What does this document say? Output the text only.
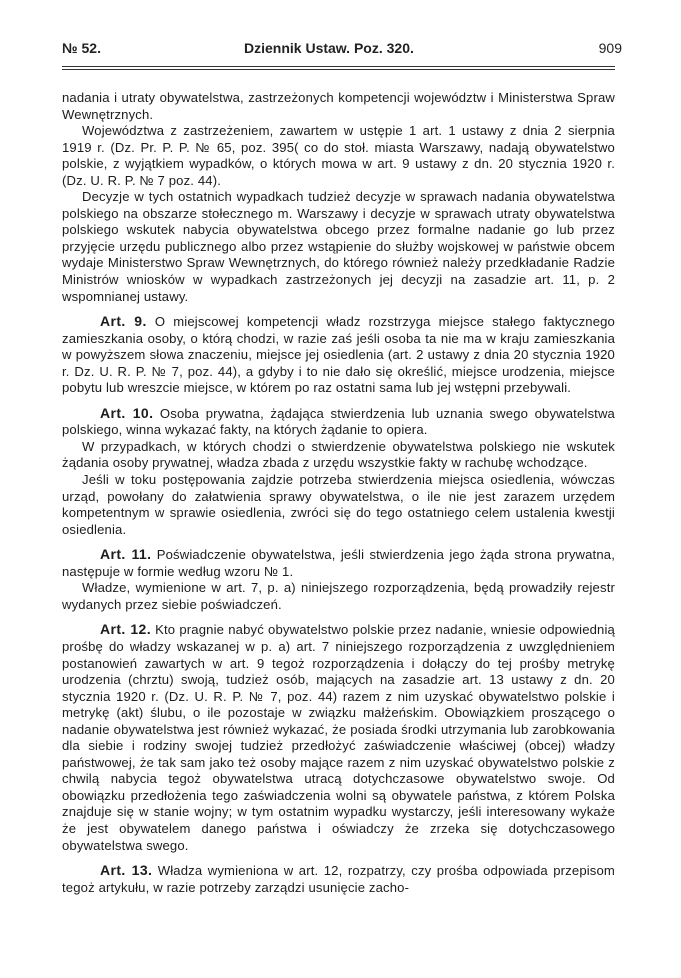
№ 52.	Dziennik Ustaw. Poz. 320.	909

nadania i utraty obywatelstwa, zastrzeżonych kompetencji województw i Ministerstwa Spraw Wewnętrznych.

Województwa z zastrzeżeniem, zawartem w ustępie 1 art. 1 ustawy z dnia 2 sierpnia 1919 r. (Dz. Pr. P. P. № 65, poz. 395( co do stoł. miasta Warszawy, nadają obywatelstwo polskie, z wyjątkiem wypadków, o których mowa w art. 9 ustawy z dn. 20 stycznia 1920 r. (Dz. U. R. P. № 7 poz. 44).

Decyzje w tych ostatnich wypadkach tudzież decyzje w sprawach nadania obywatelstwa polskiego na obszarze stołecznego m. Warszawy i decyzje w sprawach utraty obywatelstwa polskiego wskutek nabycia obywatelstwa obcego przez formalne nadanie go lub przez przyjęcie urzędu publicznego albo przez wstąpienie do służby wojskowej w państwie obcem wydaje Ministerstwo Spraw Wewnętrznych, do którego również należy przedkładanie Radzie Ministrów wniosków w wypadkach zastrzeżonych jej decyzji na zasadzie art. 11, p. 2 wspomnianej ustawy.

Art. 9. O miejscowej kompetencji władz rozstrzyga miejsce stałego faktycznego zamieszkania osoby, o którą chodzi, w razie zaś jeśli osoba ta nie ma w kraju zamieszkania w powyższem słowa znaczeniu, miejsce jej osiedlenia (art. 2 ustawy z dnia 20 stycznia 1920 r. Dz. U. R. P. № 7, poz. 44), a gdyby i to nie dało się określić, miejsce urodzenia, miejsce pobytu lub wreszcie miejsce, w którem po raz ostatni sama lub jej wstępni przebywali.

Art. 10. Osoba prywatna, żądająca stwierdzenia lub uznania swego obywatelstwa polskiego, winna wykazać fakty, na których żądanie to opiera.

W przypadkach, w których chodzi o stwierdzenie obywatelstwa polskiego nie wskutek żądania osoby prywatnej, władza zbada z urzędu wszystkie fakty w rachubę wchodzące.

Jeśli w toku postępowania zajdzie potrzeba stwierdzenia miejsca osiedlenia, wówczas urząd, powołany do załatwienia sprawy obywatelstwa, o ile nie jest zarazem urzędem kompetentnym w sprawie osiedlenia, zwróci się do tego ostatniego celem ustalenia kwestji osiedlenia.

Art. 11. Poświadczenie obywatelstwa, jeśli stwierdzenia jego żąda strona prywatna, następuje w formie według wzoru № 1.

Władze, wymienione w art. 7, p. a) niniejszego rozporządzenia, będą prowadziły rejestr wydanych przez siebie poświadczeń.

Art. 12. Kto pragnie nabyć obywatelstwo polskie przez nadanie, wniesie odpowiednią prośbę do władzy wskazanej w p. a) art. 7 niniejszego rozporządzenia z uwzględnieniem postanowień zawartych w art. 9 tegoż rozporządzenia i dołączy do tej prośby metrykę urodzenia (chrztu) swoją, tudzież osób, mających na zasadzie art. 13 ustawy z dn. 20 stycznia 1920 r. (Dz. U. R. P. № 7, poz. 44) razem z nim uzyskać obywatelstwo polskie i metrykę (akt) ślubu, o ile pozostaje w związku małżeńskim. Obowiązkiem proszącego o nadanie obywatelstwa jest również wykazać, że posiada środki utrzymania lub zarobkowania dla siebie i rodziny swojej tudzież przedłożyć zaświadczenie właściwej (obcej) władzy państwowej, że tak sam jako też osoby mające razem z nim uzyskać obywatelstwo polskie z chwilą nabycia tegoż obywatelstwa utracą dotychczasowe obywatelstwo swoje. Od obowiązku przedłożenia tego zaświadczenia wolni są obywatele państwa, z którem Polska znajduje się w stanie wojny; w tym ostatnim wypadku wystarczy, jeśli interesowany wykaże że jest obywatelem danego państwa i oświadczy że zrzeka się dotychczasowego obywatelstwa swego.

Art. 13. Władza wymieniona w art. 12, rozpatrzy, czy prośba odpowiada przepisom tegoż artykułu, w razie potrzeby zarządzi usunięcie zacho-
